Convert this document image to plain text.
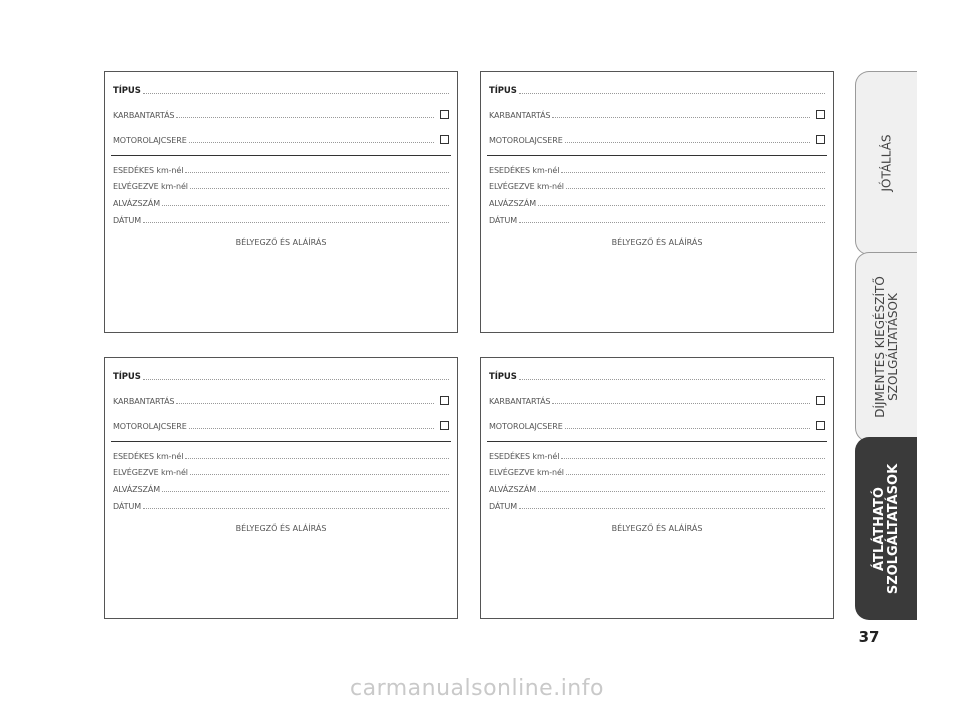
TÍPUS
KARBANTARTÁS
MOTOROLAJCSERE
ESEDÉKES km-nél
ELVÉGEZVE km-nél
ALVÁZSZÁM
DÁTUM
BÉLYEGZŐ ÉS ALÁÍRÁS
TÍPUS
KARBANTARTÁS
MOTOROLAJCSERE
ESEDÉKES km-nél
ELVÉGEZVE km-nél
ALVÁZSZÁM
DÁTUM
BÉLYEGZŐ ÉS ALÁÍRÁS
TÍPUS
KARBANTARTÁS
MOTOROLAJCSERE
ESEDÉKES km-nél
ELVÉGEZVE km-nél
ALVÁZSZÁM
DÁTUM
BÉLYEGZŐ ÉS ALÁÍRÁS
TÍPUS
KARBANTARTÁS
MOTOROLAJCSERE
ESEDÉKES km-nél
ELVÉGEZVE km-nél
ALVÁZSZÁM
DÁTUM
BÉLYEGZŐ ÉS ALÁÍRÁS
JÓTÁLLÁS
DÍJMENTES KIEGÉSZÍTŐ
SZOLGÁLTATÁSOK
ÁTLÁTHATÓ
SZOLGÁLTATÁSOK
37
carmanualsonline.info
